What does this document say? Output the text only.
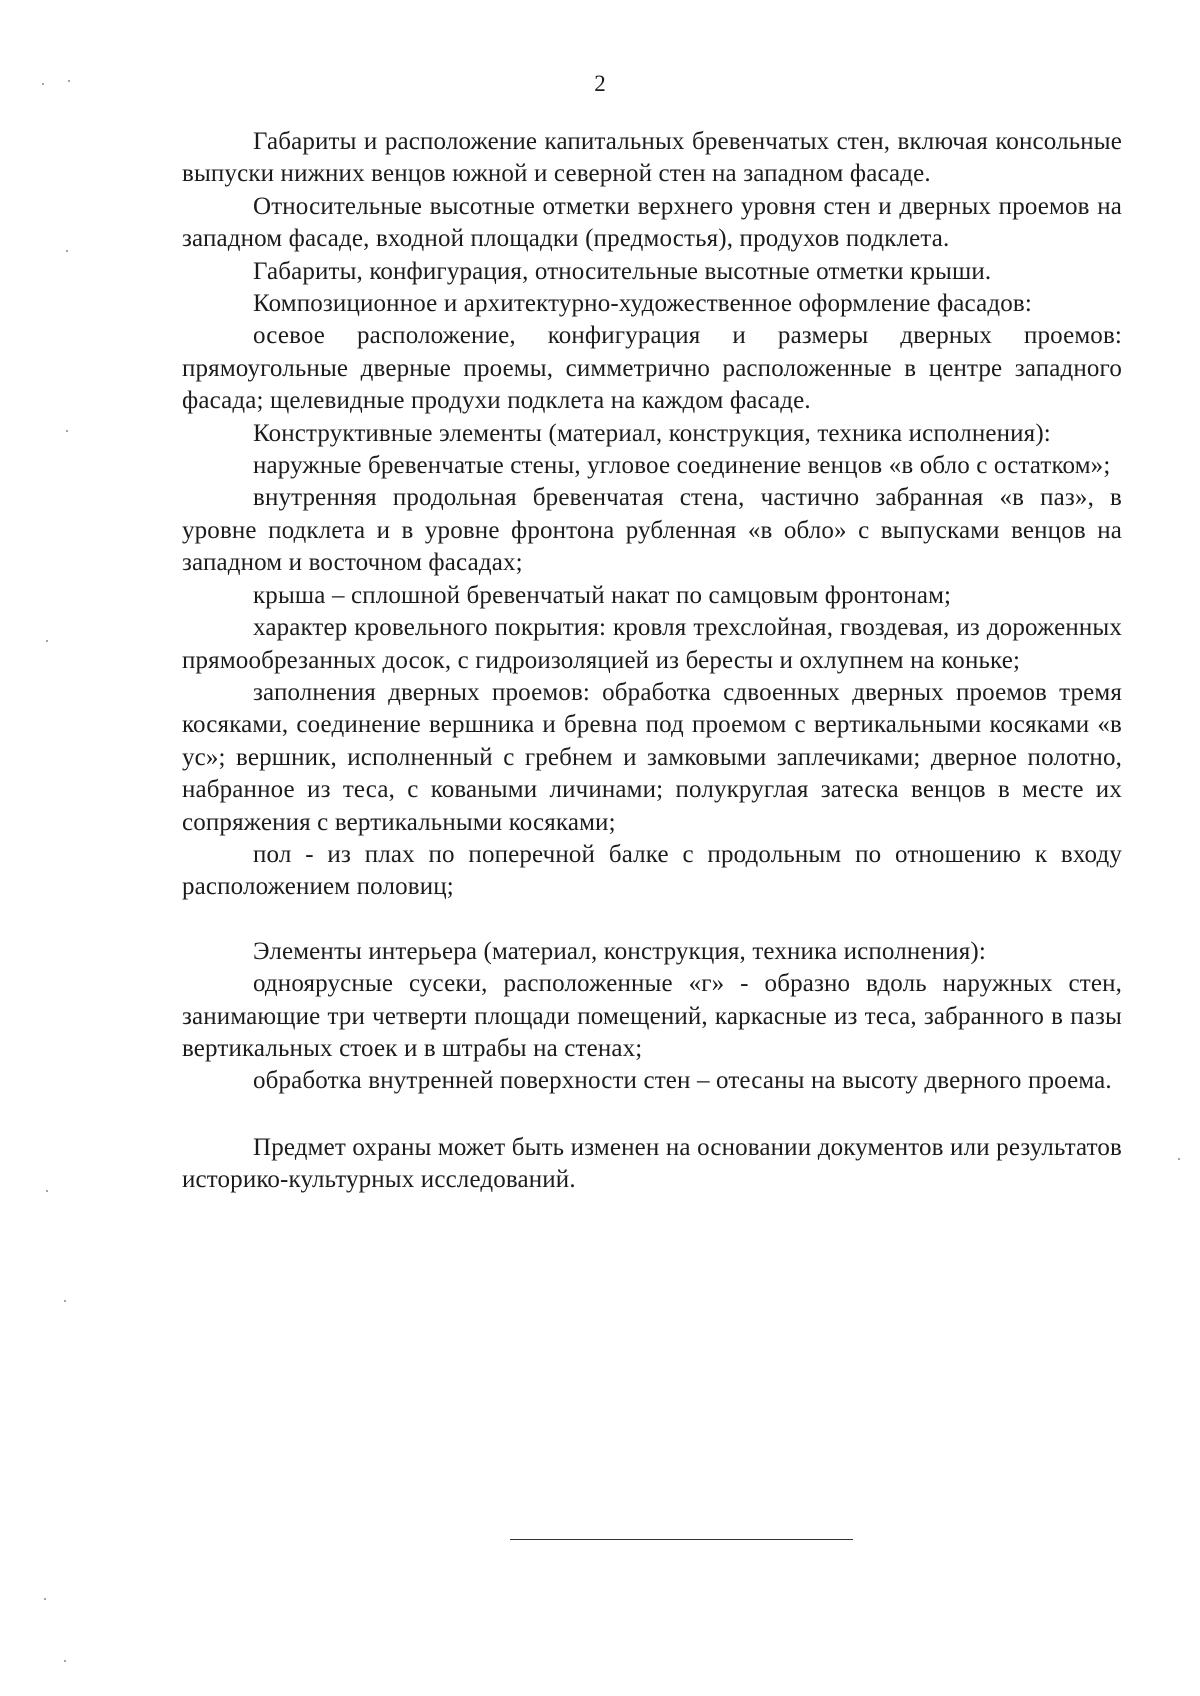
2

Габариты и расположение капитальных бревенчатых стен, включая консольные выпуски нижних венцов южной и северной стен на западном фасаде.

Относительные высотные отметки верхнего уровня стен и дверных проемов на западном фасаде, входной площадки (предмостья), продухов подклета.

Габариты, конфигурация, относительные высотные отметки крыши.

Композиционное и архитектурно-художественное оформление фасадов:

осевое расположение, конфигурация и размеры дверных проемов: прямоугольные дверные проемы, симметрично расположенные в центре западного фасада; щелевидные продухи подклета на каждом фасаде.

Конструктивные элементы (материал, конструкция, техника исполнения):

наружные бревенчатые стены, угловое соединение венцов «в обло с остатком»;

внутренняя продольная бревенчатая стена, частично забранная «в паз», в уровне подклета и в уровне фронтона рубленная «в обло» с выпусками венцов на западном и восточном фасадах;

крыша – сплошной бревенчатый накат по самцовым фронтонам;

характер кровельного покрытия: кровля трехслойная, гвоздевая, из дороженных прямообрезанных досок, с гидроизоляцией из бересты и охлупнем на коньке;

заполнения дверных проемов: обработка сдвоенных дверных проемов тремя косяками, соединение вершника и бревна под проемом с вертикальными косяками «в ус»; вершник, исполненный с гребнем и замковыми заплечиками; дверное полотно, набранное из теса, с коваными личинами; полукруглая затеска венцов в месте их сопряжения с вертикальными косяками;

пол - из плах по поперечной балке с продольным по отношению к входу расположением половиц;

Элементы интерьера (материал, конструкция, техника исполнения):

одноярусные сусеки, расположенные «г» - образно вдоль наружных стен, занимающие три четверти площади помещений, каркасные из теса, забранного в пазы вертикальных стоек и в штрабы на стенах;

обработка внутренней поверхности стен – отесаны на высоту дверного проема.

Предмет охраны может быть изменен на основании документов или результатов историко-культурных исследований.
